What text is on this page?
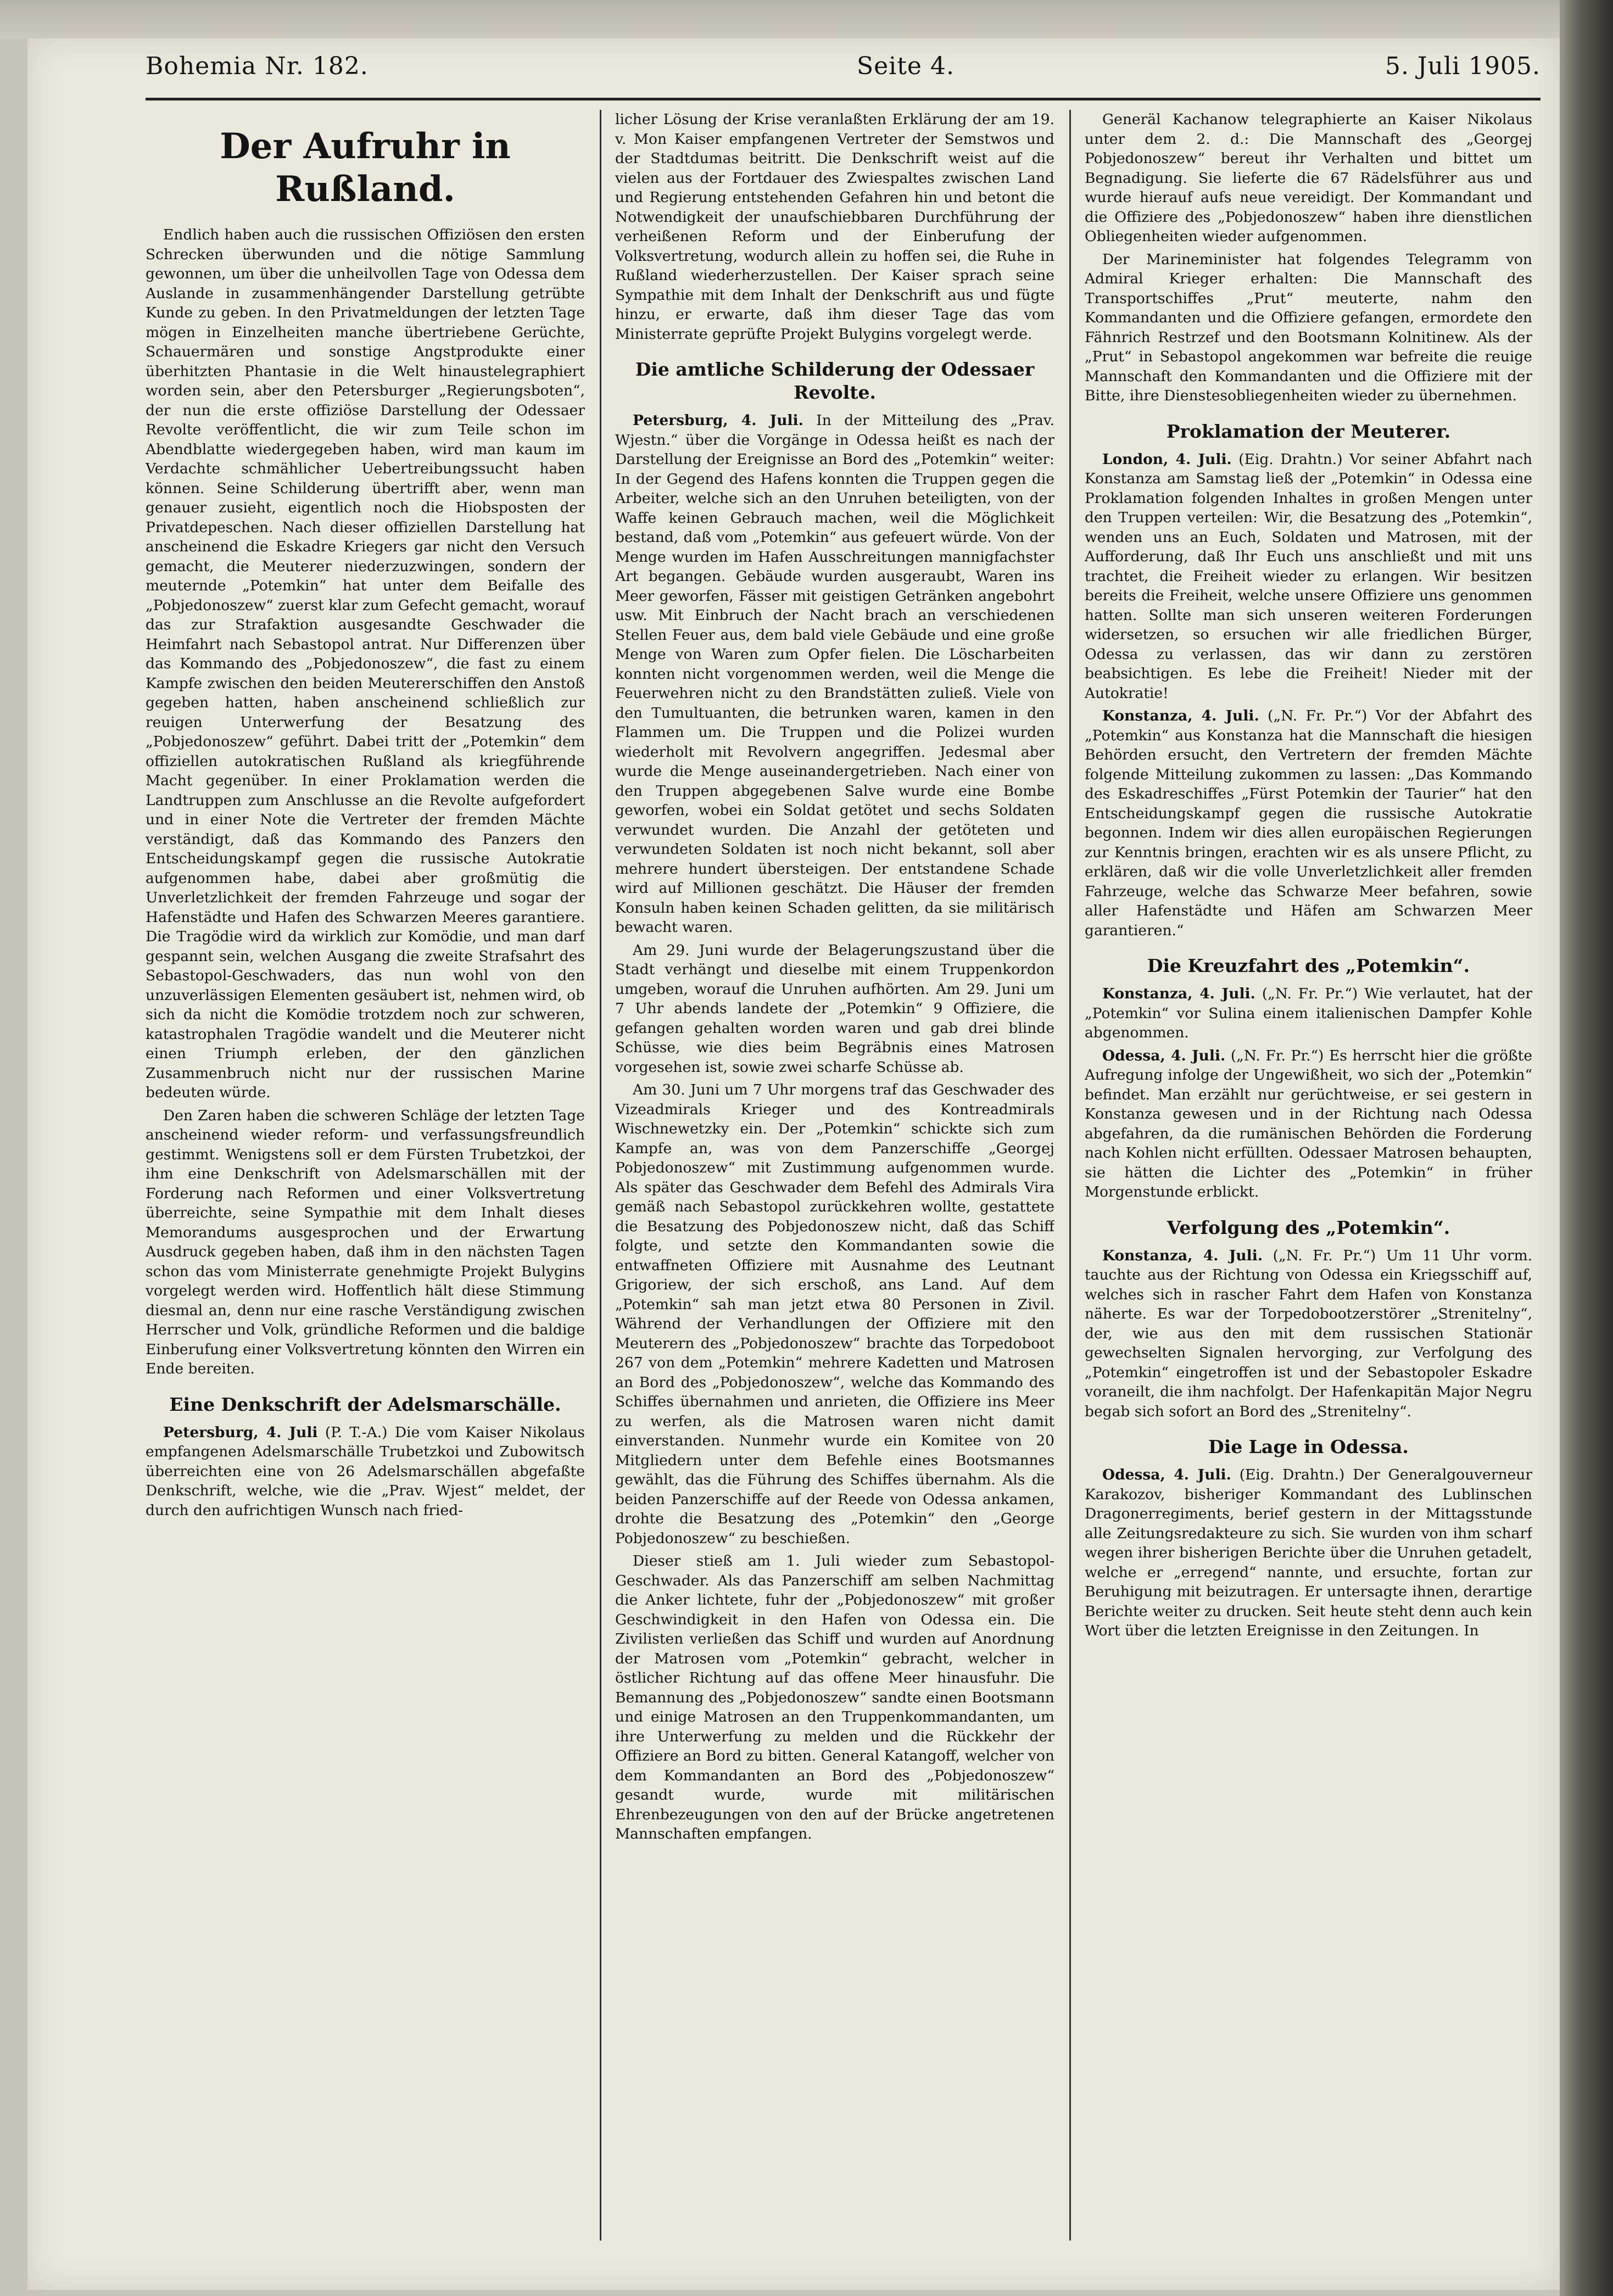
Bohemia Nr. 182.	Seite 4.	5. Juli 1905.
Der Aufruhr in Rußland.

Endlich haben auch die russischen Offiziösen den ersten Schrecken überwunden und die nötige Sammlung gewonnen, um über die unheilvollen Tage von Odessa dem Auslande in zusammenhängender Darstellung getrübte Kunde zu geben. In den Privatmeldungen der letzten Tage mögen in Einzelheiten manche übertriebene Gerüchte, Schauermären und sonstige Angstprodukte einer überhitzten Phantasie in die Welt hinaustelegraphiert worden sein, aber den Petersburger „Regierungsboten“, der nun die erste offiziöse Darstellung der Odessaer Revolte veröffentlicht, die wir zum Teile schon im Abendblatte wiedergegeben haben, wird man kaum im Verdachte schmählicher Uebertreibungssucht haben können. Seine Schilderung übertrifft aber, wenn man genauer zusieht, eigentlich noch die Hiobsposten der Privatdepeschen. Nach dieser offiziellen Darstellung hat anscheinend die Eskadre Kriegers gar nicht den Versuch gemacht, die Meuterer niederzuzwingen, sondern der meuternde „Potemkin“ hat unter dem Beifalle des „Pobjedonoszew“ zuerst klar zum Gefecht gemacht, worauf das zur Strafaktion ausgesandte Geschwader die Heimfahrt nach Sebastopol antrat. Nur Differenzen über das Kommando des „Pobjedonoszew“, die fast zu einem Kampfe zwischen den beiden Meutererschiffen den Anstoß gegeben hatten, haben anscheinend schließlich zur reuigen Unterwerfung der Besatzung des „Pobjedonoszew“ geführt. Dabei tritt der „Potemkin“ dem offiziellen autokratischen Rußland als kriegführende Macht gegenüber. In einer Proklamation werden die Landtruppen zum Anschlusse an die Revolte aufgefordert und in einer Note die Vertreter der fremden Mächte verständigt, daß das Kommando des Panzers den Entscheidungskampf gegen die russische Autokratie aufgenommen habe, dabei aber großmütig die Unverletzlichkeit der fremden Fahrzeuge und sogar der Hafenstädte und Hafen des Schwarzen Meeres garantiere. Die Tragödie wird da wirklich zur Komödie, und man darf gespannt sein, welchen Ausgang die zweite Strafsahrt des Sebastopol-Geschwaders, das nun wohl von den unzuverlässigen Elementen gesäubert ist, nehmen wird, ob sich da nicht die Komödie trotzdem noch zur schweren, katastrophalen Tragödie wandelt und die Meuterer nicht einen Triumph erleben, der den gänzlichen Zusammenbruch nicht nur der russischen Marine bedeuten würde.

Den Zaren haben die schweren Schläge der letzten Tage anscheinend wieder reform- und verfassungsfreundlich gestimmt. Wenigstens soll er dem Fürsten Trubetzkoi, der ihm eine Denkschrift von Adelsmarschällen mit der Forderung nach Reformen und einer Volksvertretung überreichte, seine Sympathie mit dem Inhalt dieses Memorandums ausgesprochen und der Erwartung Ausdruck gegeben haben, daß ihm in den nächsten Tagen schon das vom Ministerrate genehmigte Projekt Bulygins vorgelegt werden wird. Hoffentlich hält diese Stimmung diesmal an, denn nur eine rasche Verständigung zwischen Herrscher und Volk, gründliche Reformen und die baldige Einberufung einer Volksvertretung könnten den Wirren ein Ende bereiten.

Eine Denkschrift der Adelsmarschälle.

Petersburg, 4. Juli (P. T.-A.) Die vom Kaiser Nikolaus empfangenen Adelsmarschälle Trubetzkoi und Zubowitsch überreichten eine von 26 Adelsmarschällen abgefaßte Denkschrift, welche, wie die „Prav. Wjest“ meldet, der durch den aufrichtigen Wunsch nach fried-

licher Lösung der Krise veranlaßten Erklärung der am 19. v. Mon Kaiser empfangenen Vertreter der Semstwos und der Stadtdumas beitritt. Die Denkschrift weist auf die vielen aus der Fortdauer des Zwiespaltes zwischen Land und Regierung entstehenden Gefahren hin und betont die Notwendigkeit der unaufschiebbaren Durchführung der verheißenen Reform und der Einberufung der Volksvertretung, wodurch allein zu hoffen sei, die Ruhe in Rußland wiederherzustellen. Der Kaiser sprach seine Sympathie mit dem Inhalt der Denkschrift aus und fügte hinzu, er erwarte, daß ihm dieser Tage das vom Ministerrate geprüfte Projekt Bulygins vorgelegt werde.

Die amtliche Schilderung der Odessaer Revolte.

Petersburg, 4. Juli. In der Mitteilung des „Prav. Wjestn.“ über die Vorgänge in Odessa heißt es nach der Darstellung der Ereignisse an Bord des „Potemkin“ weiter: In der Gegend des Hafens konnten die Truppen gegen die Arbeiter, welche sich an den Unruhen beteiligten, von der Waffe keinen Gebrauch machen, weil die Möglichkeit bestand, daß vom „Potemkin“ aus gefeuert würde. Von der Menge wurden im Hafen Ausschreitungen mannigfachster Art begangen. Gebäude wurden ausgeraubt, Waren ins Meer geworfen, Fässer mit geistigen Getränken angebohrt usw. Mit Einbruch der Nacht brach an verschiedenen Stellen Feuer aus, dem bald viele Gebäude und eine große Menge von Waren zum Opfer fielen. Die Löscharbeiten konnten nicht vorgenommen werden, weil die Menge die Feuerwehren nicht zu den Brandstätten zuließ. Viele von den Tumultuanten, die betrunken waren, kamen in den Flammen um. Die Truppen und die Polizei wurden wiederholt mit Revolvern angegriffen. Jedesmal aber wurde die Menge auseinandergetrieben. Nach einer von den Truppen abgegebenen Salve wurde eine Bombe geworfen, wobei ein Soldat getötet und sechs Soldaten verwundet wurden. Die Anzahl der getöteten und verwundeten Soldaten ist noch nicht bekannt, soll aber mehrere hundert übersteigen. Der entstandene Schade wird auf Millionen geschätzt. Die Häuser der fremden Konsuln haben keinen Schaden gelitten, da sie militärisch bewacht waren.

Am 29. Juni wurde der Belagerungszustand über die Stadt verhängt und dieselbe mit einem Truppenkordon umgeben, worauf die Unruhen aufhörten. Am 29. Juni um 7 Uhr abends landete der „Potemkin“ 9 Offiziere, die gefangen gehalten worden waren und gab drei blinde Schüsse, wie dies beim Begräbnis eines Matrosen vorgesehen ist, sowie zwei scharfe Schüsse ab.

Am 30. Juni um 7 Uhr morgens traf das Geschwader des Vizeadmirals Krieger und des Kontreadmirals Wischnewetzky ein. Der „Potemkin“ schickte sich zum Kampfe an, was von dem Panzerschiffe „Georgej Pobjedonoszew“ mit Zustimmung aufgenommen wurde. Als später das Geschwader dem Befehl des Admirals Vira gemäß nach Sebastopol zurückkehren wollte, gestattete die Besatzung des Pobjedonoszew nicht, daß das Schiff folgte, und setzte den Kommandanten sowie die entwaffneten Offiziere mit Ausnahme des Leutnant Grigoriew, der sich erschoß, ans Land. Auf dem „Potemkin“ sah man jetzt etwa 80 Personen in Zivil. Während der Verhandlungen der Offiziere mit den Meuterern des „Pobjedonoszew“ brachte das Torpedoboot 267 von dem „Potemkin“ mehrere Kadetten und Matrosen an Bord des „Pobjedonoszew“, welche das Kommando des Schiffes übernahmen und anrieten, die Offiziere ins Meer zu werfen, als die Matrosen waren nicht damit einverstanden. Nunmehr wurde ein Komitee von 20 Mitgliedern unter dem Befehle eines Bootsmannes gewählt, das die Führung des Schiffes übernahm. Als die beiden Panzerschiffe auf der Reede von Odessa ankamen, drohte die Besatzung des „Potemkin“ den „George Pobjedonoszew“ zu beschießen.

Dieser stieß am 1. Juli wieder zum Sebastopol-Geschwader. Als das Panzerschiff am selben Nachmittag die Anker lichtete, fuhr der „Pobjedonoszew“ mit großer Geschwindigkeit in den Hafen von Odessa ein. Die Zivilisten verließen das Schiff und wurden auf Anordnung der Matrosen vom „Potemkin“ gebracht, welcher in östlicher Richtung auf das offene Meer hinausfuhr. Die Bemannung des „Pobjedonoszew“ sandte einen Bootsmann und einige Matrosen an den Truppenkommandanten, um ihre Unterwerfung zu melden und die Rückkehr der Offiziere an Bord zu bitten. General Katangoff, welcher von dem Kommandanten an Bord des „Pobjedonoszew“ gesandt wurde, wurde mit militärischen Ehrenbezeugungen von den auf der Brücke angetretenen Mannschaften empfangen.

Generäl Kachanow telegraphierte an Kaiser Nikolaus unter dem 2. d.: Die Mannschaft des „Georgej Pobjedonoszew“ bereut ihr Verhalten und bittet um Begnadigung. Sie lieferte die 67 Rädelsführer aus und wurde hierauf aufs neue vereidigt. Der Kommandant und die Offiziere des „Pobjedonoszew“ haben ihre dienstlichen Obliegenheiten wieder aufgenommen.

Der Marineminister hat folgendes Telegramm von Admiral Krieger erhalten: Die Mannschaft des Transportschiffes „Prut“ meuterte, nahm den Kommandanten und die Offiziere gefangen, ermordete den Fähnrich Restrzef und den Bootsmann Kolnitinew. Als der „Prut“ in Sebastopol angekommen war befreite die reuige Mannschaft den Kommandanten und die Offiziere mit der Bitte, ihre Dienstesobliegenheiten wieder zu übernehmen.

Proklamation der Meuterer.

London, 4. Juli. (Eig. Drahtn.) Vor seiner Abfahrt nach Konstanza am Samstag ließ der „Potemkin“ in Odessa eine Proklamation folgenden Inhaltes in großen Mengen unter den Truppen verteilen: Wir, die Besatzung des „Potemkin“, wenden uns an Euch, Soldaten und Matrosen, mit der Aufforderung, daß Ihr Euch uns anschließt und mit uns trachtet, die Freiheit wieder zu erlangen. Wir besitzen bereits die Freiheit, welche unsere Offiziere uns genommen hatten. Sollte man sich unseren weiteren Forderungen widersetzen, so ersuchen wir alle friedlichen Bürger, Odessa zu verlassen, das wir dann zu zerstören beabsichtigen. Es lebe die Freiheit! Nieder mit der Autokratie!

Konstanza, 4. Juli. („N. Fr. Pr.“) Vor der Abfahrt des „Potemkin“ aus Konstanza hat die Mannschaft die hiesigen Behörden ersucht, den Vertretern der fremden Mächte folgende Mitteilung zukommen zu lassen: „Das Kommando des Eskadreschiffes „Fürst Potemkin der Taurier“ hat den Entscheidungskampf gegen die russische Autokratie begonnen. Indem wir dies allen europäischen Regierungen zur Kenntnis bringen, erachten wir es als unsere Pflicht, zu erklären, daß wir die volle Unverletzlichkeit aller fremden Fahrzeuge, welche das Schwarze Meer befahren, sowie aller Hafenstädte und Häfen am Schwarzen Meer garantieren.“

Die Kreuzfahrt des „Potemkin“.

Konstanza, 4. Juli. („N. Fr. Pr.“) Wie verlautet, hat der „Potemkin“ vor Sulina einem italienischen Dampfer Kohle abgenommen.

Odessa, 4. Juli. („N. Fr. Pr.“) Es herrscht hier die größte Aufregung infolge der Ungewißheit, wo sich der „Potemkin“ befindet. Man erzählt nur gerüchtweise, er sei gestern in Konstanza gewesen und in der Richtung nach Odessa abgefahren, da die rumänischen Behörden die Forderung nach Kohlen nicht erfüllten. Odessaer Matrosen behaupten, sie hätten die Lichter des „Potemkin“ in früher Morgenstunde erblickt.

Verfolgung des „Potemkin“.

Konstanza, 4. Juli. („N. Fr. Pr.“) Um 11 Uhr vorm. tauchte aus der Richtung von Odessa ein Kriegsschiff auf, welches sich in rascher Fahrt dem Hafen von Konstanza näherte. Es war der Torpedobootzerstörer „Strenitelny“, der, wie aus den mit dem russischen Stationär gewechselten Signalen hervorging, zur Verfolgung des „Potemkin“ eingetroffen ist und der Sebastopoler Eskadre voraneilt, die ihm nachfolgt. Der Hafenkapitän Major Negru begab sich sofort an Bord des „Strenitelny“.

Die Lage in Odessa.

Odessa, 4. Juli. (Eig. Drahtn.) Der Generalgouverneur Karakozov, bisheriger Kommandant des Lublinschen Dragonerregiments, berief gestern in der Mittagsstunde alle Zeitungsredakteure zu sich. Sie wurden von ihm scharf wegen ihrer bisherigen Berichte über die Unruhen getadelt, welche er „erregend“ nannte, und ersuchte, fortan zur Beruhigung mit beizutragen. Er untersagte ihnen, derartige Berichte weiter zu drucken. Seit heute steht denn auch kein Wort über die letzten Ereignisse in den Zeitungen. In
